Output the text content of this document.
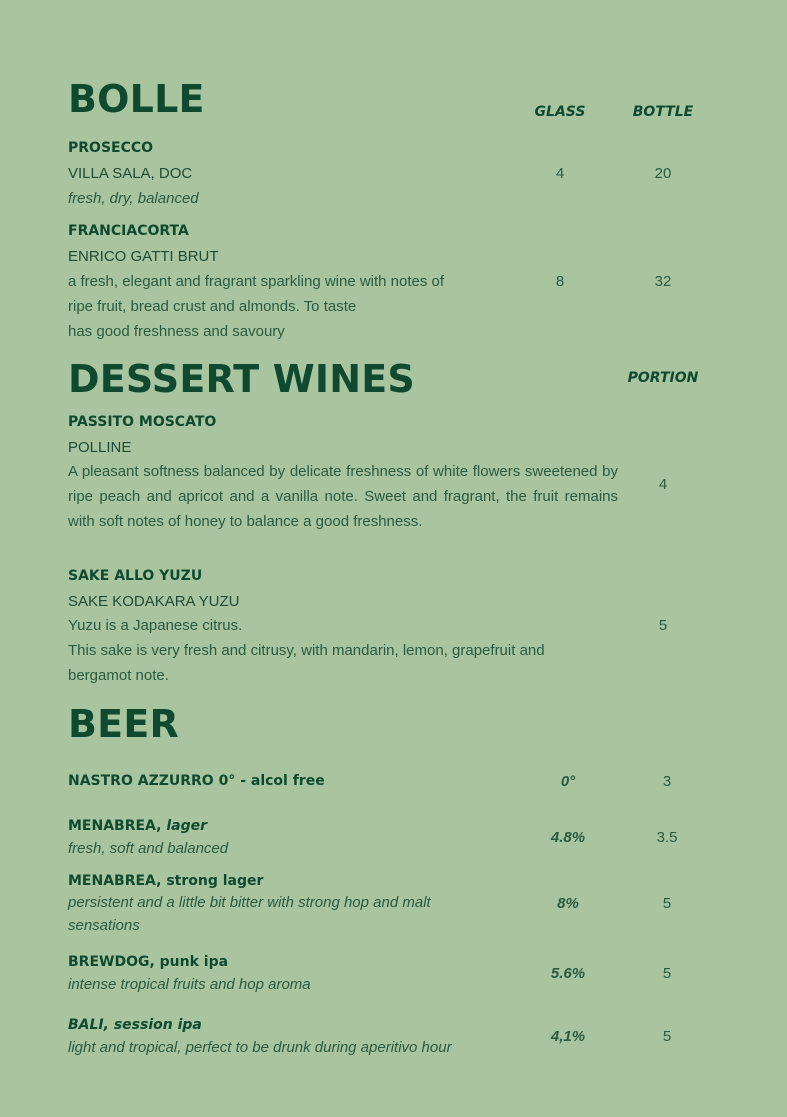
BOLLE	GLASS	BOTTLE
PROSECCO
VILLA SALA, DOC
fresh, dry, balanced
4	20
FRANCIACORTA
ENRICO GATTI BRUT
a fresh, elegant and fragrant sparkling wine with notes of
ripe fruit, bread crust and almonds. To taste
has good freshness and savoury
8	32
DESSERT WINES	PORTION
PASSITO MOSCATO
POLLINE
A pleasant softness balanced by delicate freshness of white flowers sweetened by ripe peach and apricot and a vanilla note. Sweet and fragrant, the fruit remains with soft notes of honey to balance a good freshness.
4
SAKE ALLO YUZU
SAKE KODAKARA YUZU
Yuzu is a Japanese citrus.
This sake is very fresh and citrusy, with mandarin, lemon, grapefruit and
bergamot note.
5
BEER
NASTRO AZZURRO 0° - alcol free	0°	3
MENABREA, lager
fresh, soft and balanced
4.8%	3.5
MENABREA, strong lager
persistent and a little bit bitter with strong hop and malt
sensations
8%	5
BREWDOG, punk ipa
intense tropical fruits and hop aroma
5.6%	5
BALI, session ipa
light and tropical, perfect to be drunk during aperitivo hour
4,1%	5
